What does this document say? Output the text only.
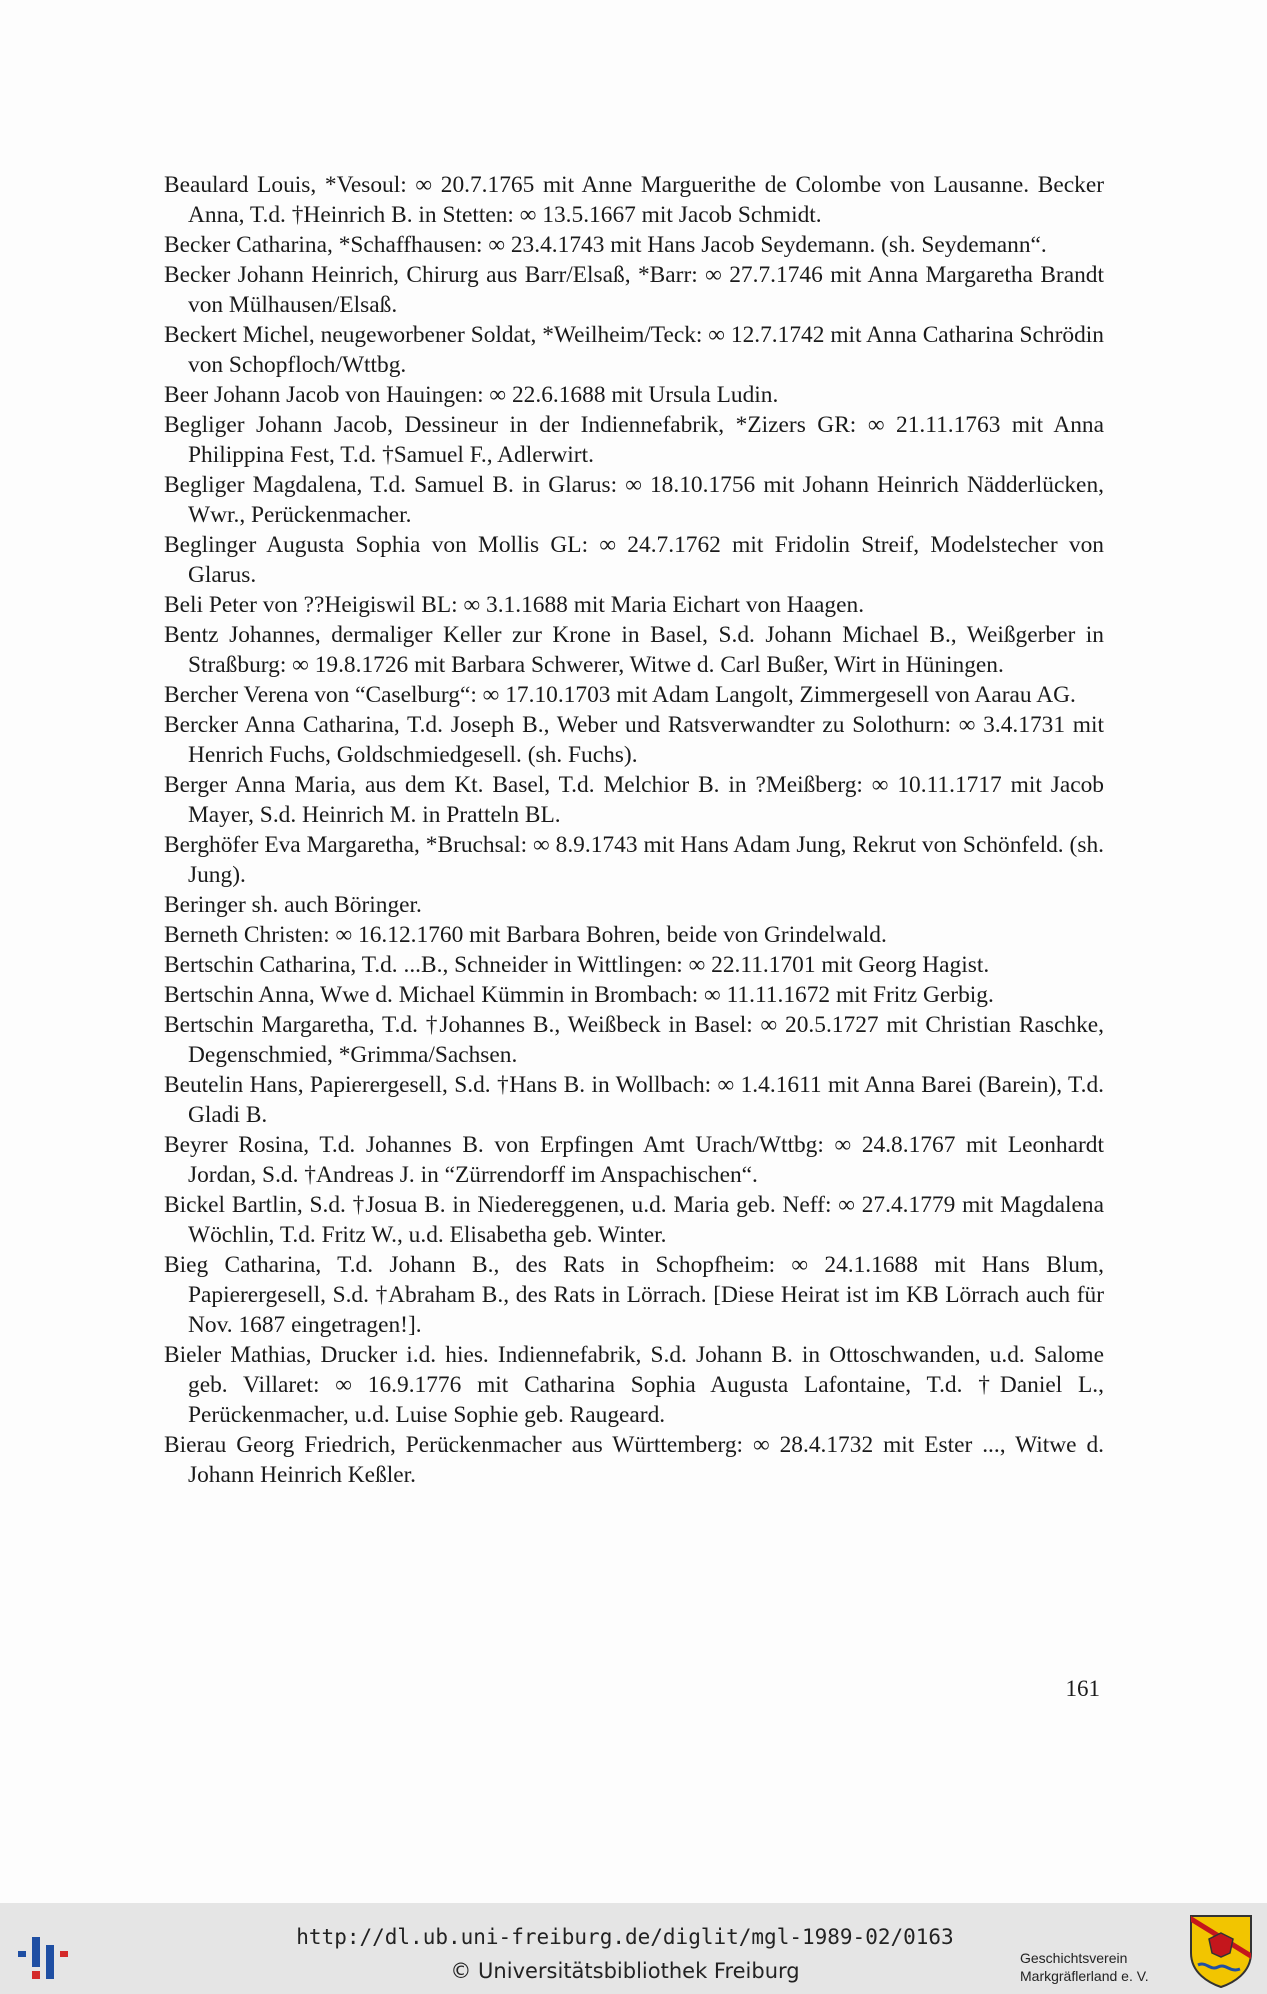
Beaulard Louis, *Vesoul: ∞ 20.7.1765 mit Anne Marguerithe de Colombe von Lausanne. Becker Anna, T.d. †Heinrich B. in Stetten: ∞ 13.5.1667 mit Jacob Schmidt.

Becker Catharina, *Schaffhausen: ∞ 23.4.1743 mit Hans Jacob Seydemann. (sh. Seydemann“.

Becker Johann Heinrich, Chirurg aus Barr/Elsaß, *Barr: ∞ 27.7.1746 mit Anna Margaretha Brandt von Mülhausen/Elsaß.

Beckert Michel, neugeworbener Soldat, *Weilheim/Teck: ∞ 12.7.1742 mit Anna Catharina Schrödin von Schopfloch/Wttbg.

Beer Johann Jacob von Hauingen: ∞ 22.6.1688 mit Ursula Ludin.

Begliger Johann Jacob, Dessineur in der Indiennefabrik, *Zizers GR: ∞ 21.11.1763 mit Anna Philippina Fest, T.d. †Samuel F., Adlerwirt.

Begliger Magdalena, T.d. Samuel B. in Glarus: ∞ 18.10.1756 mit Johann Heinrich Nädderlücken, Wwr., Perückenmacher.

Beglinger Augusta Sophia von Mollis GL: ∞ 24.7.1762 mit Fridolin Streif, Modelstecher von Glarus.

Beli Peter von ??Heigiswil BL: ∞ 3.1.1688 mit Maria Eichart von Haagen.

Bentz Johannes, dermaliger Keller zur Krone in Basel, S.d. Johann Michael B., Weißgerber in Straßburg: ∞ 19.8.1726 mit Barbara Schwerer, Witwe d. Carl Bußer, Wirt in Hüningen.

Bercher Verena von “Caselburg“: ∞ 17.10.1703 mit Adam Langolt, Zimmergesell von Aarau AG.

Bercker Anna Catharina, T.d. Joseph B., Weber und Ratsverwandter zu Solothurn: ∞ 3.4.1731 mit Henrich Fuchs, Goldschmiedgesell. (sh. Fuchs).

Berger Anna Maria, aus dem Kt. Basel, T.d. Melchior B. in ?Meißberg: ∞ 10.11.1717 mit Jacob Mayer, S.d. Heinrich M. in Pratteln BL.

Berghöfer Eva Margaretha, *Bruchsal: ∞ 8.9.1743 mit Hans Adam Jung, Rekrut von Schönfeld. (sh. Jung).

Beringer sh. auch Böringer.

Berneth Christen: ∞ 16.12.1760 mit Barbara Bohren, beide von Grindelwald.

Bertschin Catharina, T.d. ...B., Schneider in Wittlingen: ∞ 22.11.1701 mit Georg Hagist.

Bertschin Anna, Wwe d. Michael Kümmin in Brombach: ∞ 11.11.1672 mit Fritz Gerbig.

Bertschin Margaretha, T.d. †Johannes B., Weißbeck in Basel: ∞ 20.5.1727 mit Christian Raschke, Degenschmied, *Grimma/Sachsen.

Beutelin Hans, Papierergesell, S.d. †Hans B. in Wollbach: ∞ 1.4.1611 mit Anna Barei (Barein), T.d. Gladi B.

Beyrer Rosina, T.d. Johannes B. von Erpfingen Amt Urach/Wttbg: ∞ 24.8.1767 mit Leonhardt Jordan, S.d. †Andreas J. in “Zürrendorff im Anspachischen“.

Bickel Bartlin, S.d. †Josua B. in Niedereggenen, u.d. Maria geb. Neff: ∞ 27.4.1779 mit Magdalena Wöchlin, T.d. Fritz W., u.d. Elisabetha geb. Winter.

Bieg Catharina, T.d. Johann B., des Rats in Schopfheim: ∞ 24.1.1688 mit Hans Blum, Papierergesell, S.d. †Abraham B., des Rats in Lörrach. [Diese Heirat ist im KB Lörrach auch für Nov. 1687 eingetragen!].

Bieler Mathias, Drucker i.d. hies. Indiennefabrik, S.d. Johann B. in Ottoschwanden, u.d. Salome geb. Villaret: ∞ 16.9.1776 mit Catharina Sophia Augusta Lafontaine, T.d. †Daniel L., Perückenmacher, u.d. Luise Sophie geb. Raugeard.

Bierau Georg Friedrich, Perückenmacher aus Württemberg: ∞ 28.4.1732 mit Ester ..., Witwe d. Johann Heinrich Keßler.

161
http://dl.ub.uni-freiburg.de/diglit/mgl-1989-02/0163
© Universitätsbibliothek Freiburg
Geschichtsverein
Markgräflerland e. V.
